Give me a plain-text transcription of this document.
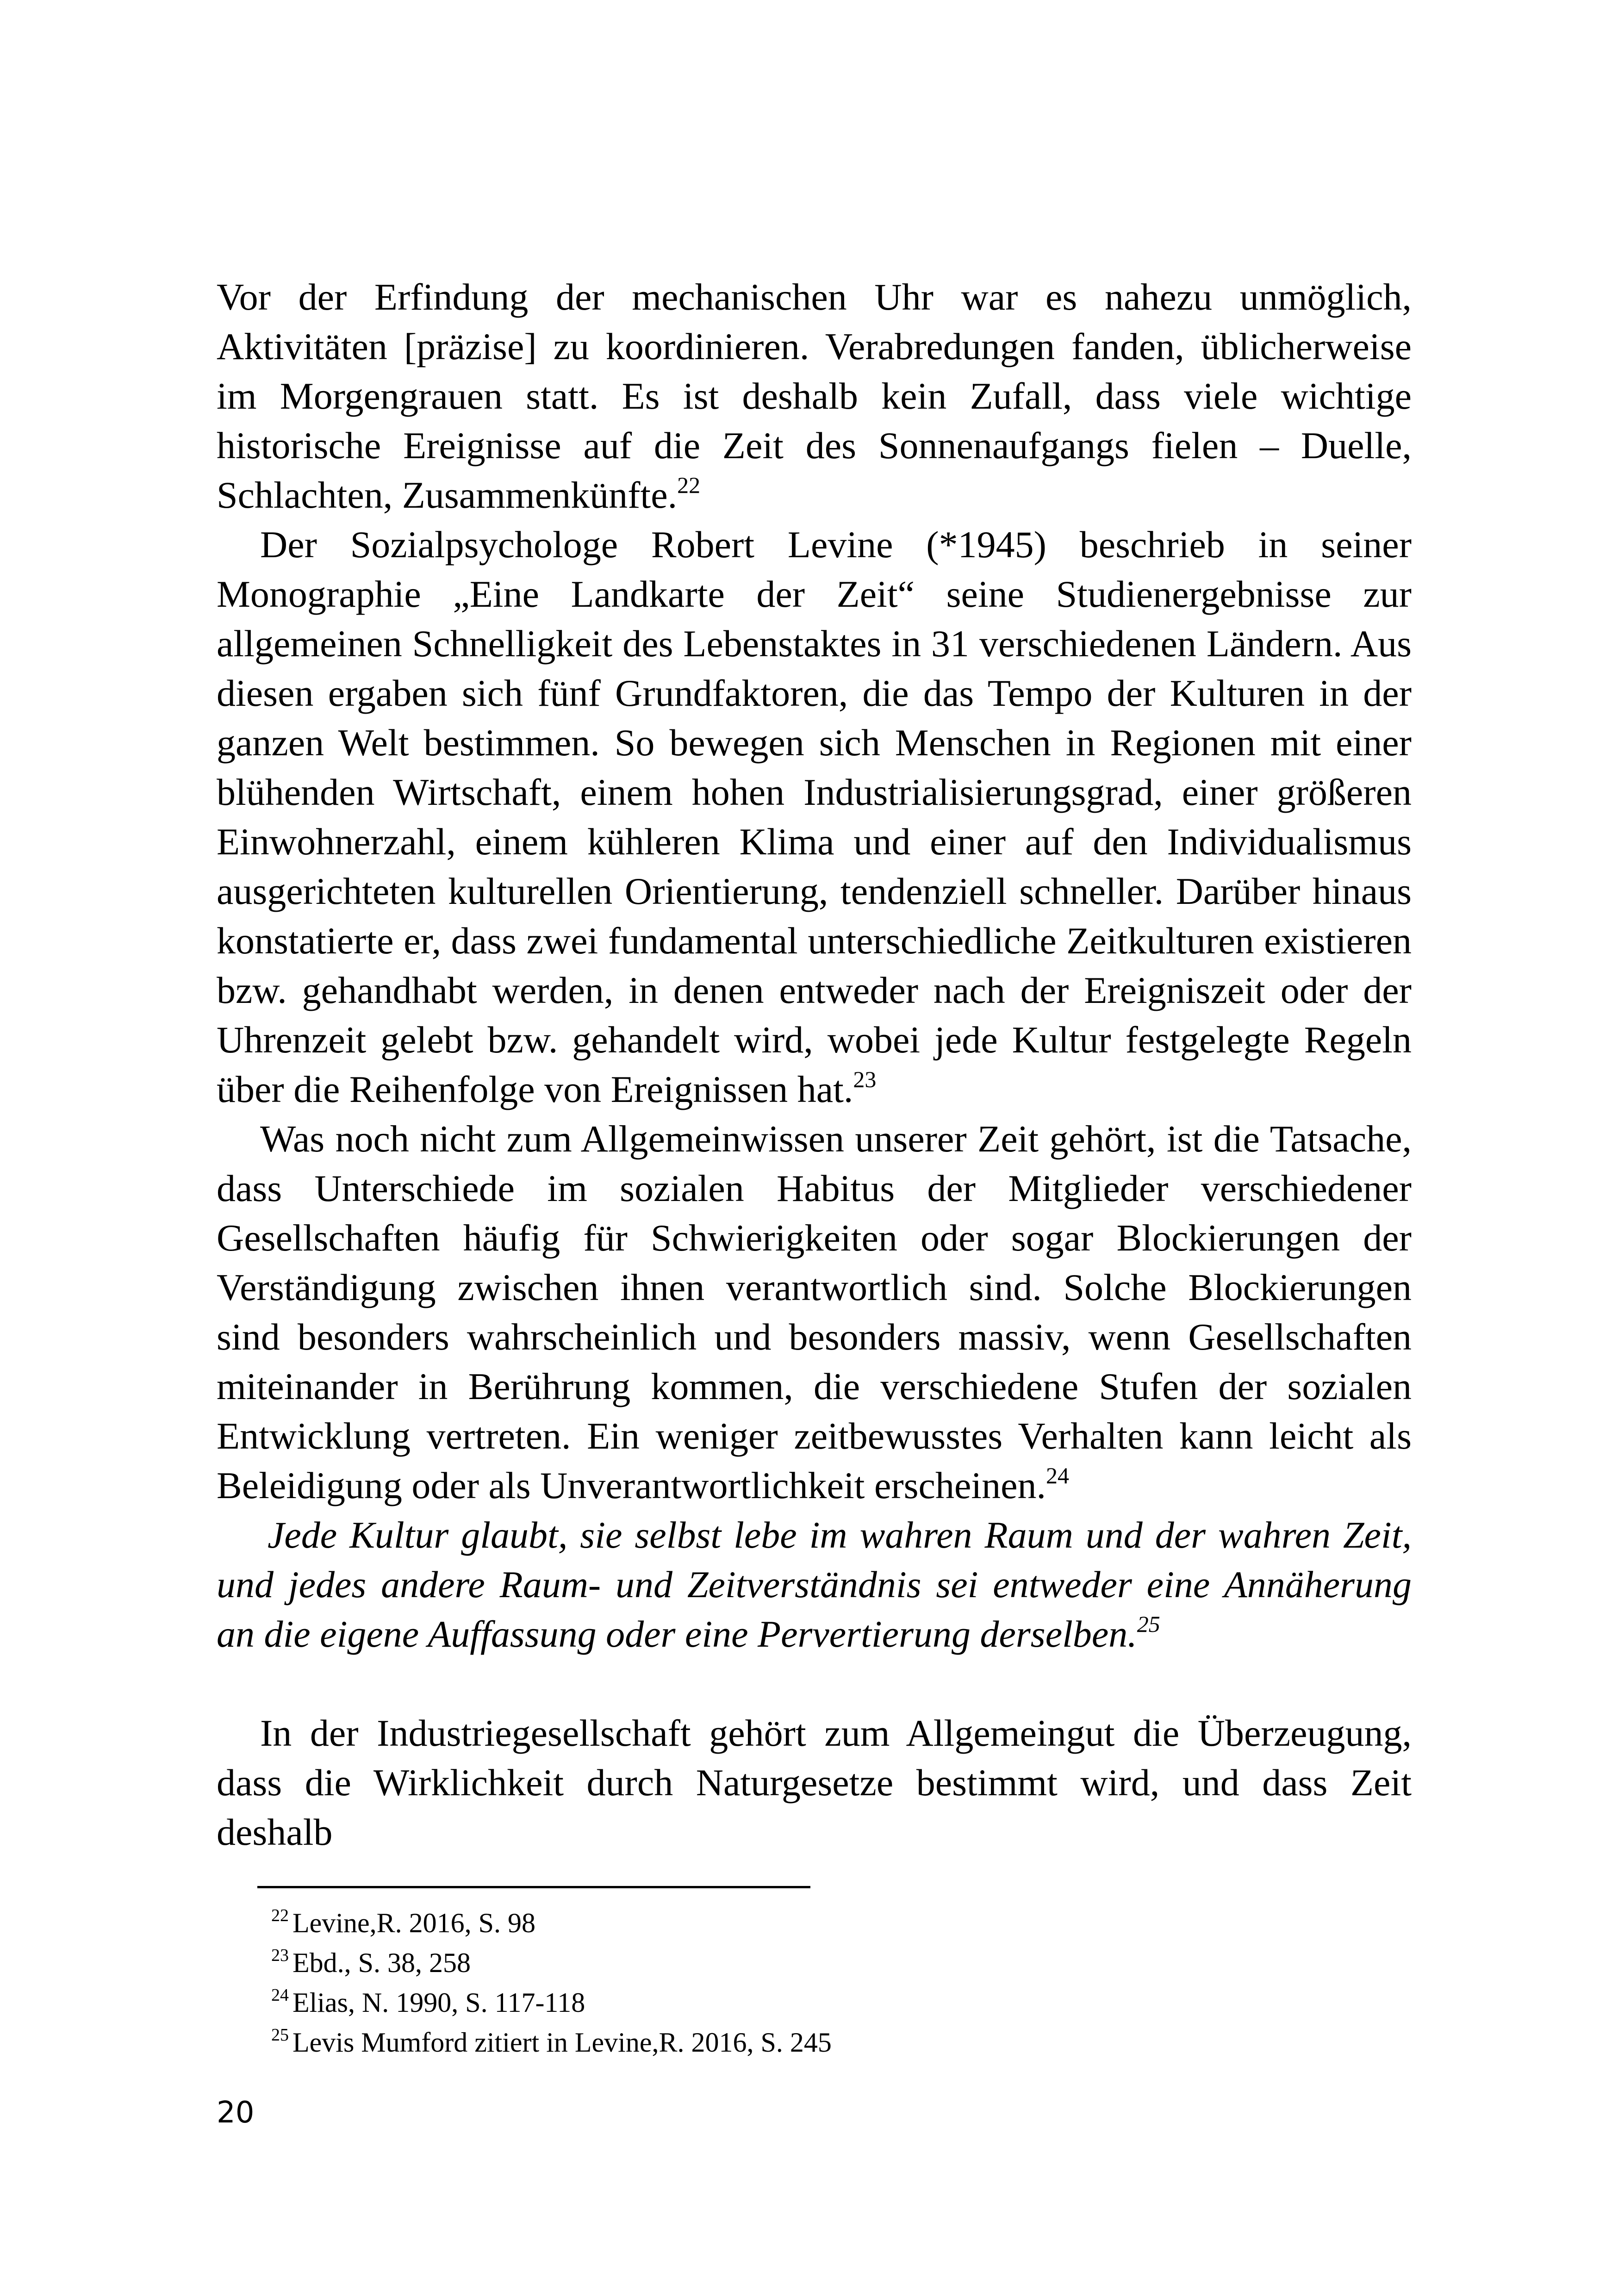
Vor der Erfindung der mechanischen Uhr war es nahezu unmöglich, Aktivitäten [präzise] zu koordinieren. Verabredungen fanden, üblicherweise im Morgengrauen statt. Es ist deshalb kein Zufall, dass viele wichtige historische Ereignisse auf die Zeit des Sonnenaufgangs fielen – Duelle, Schlachten, Zusammenkünfte.$^{22}$

Der Sozialpsychologe Robert Levine (*1945) beschrieb in seiner Monographie „Eine Landkarte der Zeit“ seine Studienergebnisse zur allgemeinen Schnelligkeit des Lebenstaktes in 31 verschiedenen Ländern. Aus diesen ergaben sich fünf Grundfaktoren, die das Tempo der Kulturen in der ganzen Welt bestimmen. So bewegen sich Menschen in Regionen mit einer blühenden Wirtschaft, einem hohen Industrialisierungsgrad, einer größeren Einwohnerzahl, einem kühleren Klima und einer auf den Individualismus ausgerichteten kulturellen Orientierung, tendenziell schneller. Darüber hinaus konstatierte er, dass zwei fundamental unterschiedliche Zeitkulturen existieren bzw. gehandhabt werden, in denen entweder nach der Ereigniszeit oder der Uhrenzeit gelebt bzw. gehandelt wird, wobei jede Kultur festgelegte Regeln über die Reihenfolge von Ereignissen hat.$^{23}$

Was noch nicht zum Allgemeinwissen unserer Zeit gehört, ist die Tatsache, dass Unterschiede im sozialen Habitus der Mitglieder verschiedener Gesellschaften häufig für Schwierigkeiten oder sogar Blockierungen der Verständigung zwischen ihnen verantwortlich sind. Solche Blockierungen sind besonders wahrscheinlich und besonders massiv, wenn Gesellschaften miteinander in Berührung kommen, die verschiedene Stufen der sozialen Entwicklung vertreten. Ein weniger zeitbewusstes Verhalten kann leicht als Beleidigung oder als Unverantwortlichkeit erscheinen.$^{24}$

Jede Kultur glaubt, sie selbst lebe im wahren Raum und der wahren Zeit, und jedes andere Raum- und Zeitverständnis sei entweder eine Annäherung an die eigene Auffassung oder eine Pervertierung derselben.$^{25}$

In der Industriegesellschaft gehört zum Allgemeingut die Überzeugung, dass die Wirklichkeit durch Naturgesetze bestimmt wird, und dass Zeit deshalb

$^{22}$ Levine,R. 2016, S. 98

$^{23}$ Ebd., S. 38, 258

$^{24}$ Elias, N. 1990, S. 117-118

$^{25}$ Levis Mumford zitiert in Levine,R. 2016, S. 245

20
